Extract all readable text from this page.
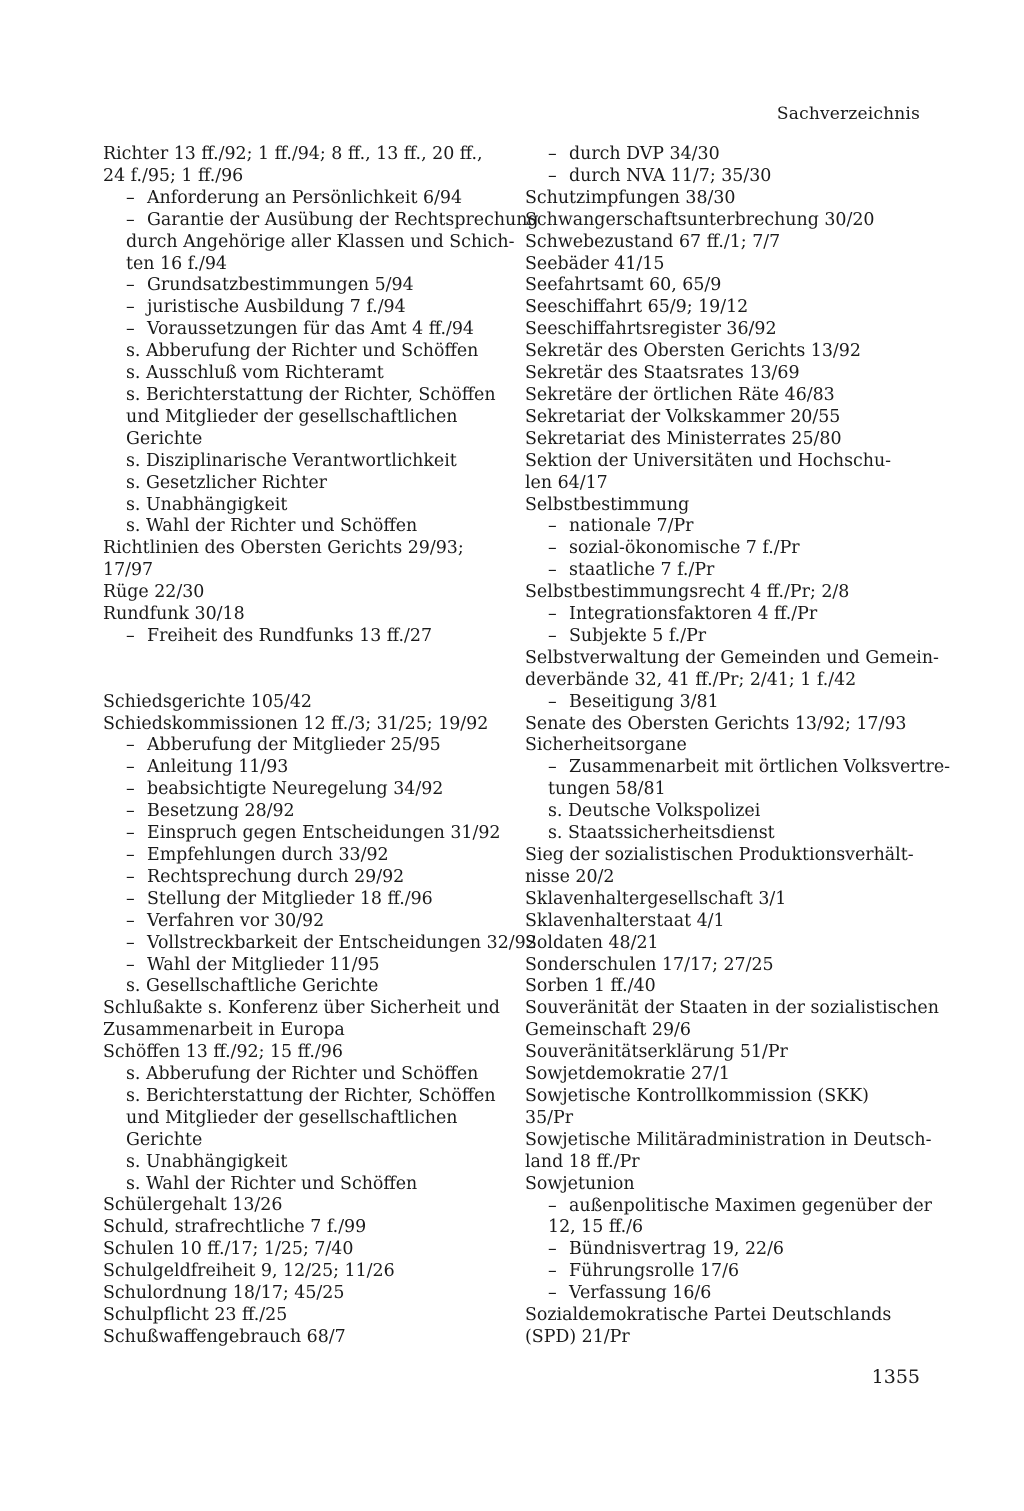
Sachverzeichnis
Richter 13 ff./92; 1 ff./94; 8 ff., 13 ff., 20 ff.,
24 f./95; 1 ff./96
– Anforderung an Persönlichkeit 6/94
– Garantie der Ausübung der Rechtsprechung
durch Angehörige aller Klassen und Schich-
ten 16 f./94
– Grundsatzbestimmungen 5/94
– juristische Ausbildung 7 f./94
– Voraussetzungen für das Amt 4 ff./94
s. Abberufung der Richter und Schöffen
s. Ausschluß vom Richteramt
s. Berichterstattung der Richter, Schöffen
und Mitglieder der gesellschaftlichen
Gerichte
s. Disziplinarische Verantwortlichkeit
s. Gesetzlicher Richter
s. Unabhängigkeit
s. Wahl der Richter und Schöffen
Richtlinien des Obersten Gerichts 29/93;
17/97
Rüge 22/30
Rundfunk 30/18
– Freiheit des Rundfunks 13 ff./27
Schiedsgerichte 105/42
Schiedskommissionen 12 ff./3; 31/25; 19/92
– Abberufung der Mitglieder 25/95
– Anleitung 11/93
– beabsichtigte Neuregelung 34/92
– Besetzung 28/92
– Einspruch gegen Entscheidungen 31/92
– Empfehlungen durch 33/92
– Rechtsprechung durch 29/92
– Stellung der Mitglieder 18 ff./96
– Verfahren vor 30/92
– Vollstreckbarkeit der Entscheidungen 32/92
– Wahl der Mitglieder 11/95
s. Gesellschaftliche Gerichte
Schlußakte s. Konferenz über Sicherheit und
Zusammenarbeit in Europa
Schöffen 13 ff./92; 15 ff./96
s. Abberufung der Richter und Schöffen
s. Berichterstattung der Richter, Schöffen
und Mitglieder der gesellschaftlichen
Gerichte
s. Unabhängigkeit
s. Wahl der Richter und Schöffen
Schülergehalt 13/26
Schuld, strafrechtliche 7 f./99
Schulen 10 ff./17; 1/25; 7/40
Schulgeldfreiheit 9, 12/25; 11/26
Schulordnung 18/17; 45/25
Schulpflicht 23 ff./25
Schußwaffengebrauch 68/7
– durch DVP 34/30
– durch NVA 11/7; 35/30
Schutzimpfungen 38/30
Schwangerschaftsunterbrechung 30/20
Schwebezustand 67 ff./1; 7/7
Seebäder 41/15
Seefahrtsamt 60, 65/9
Seeschiffahrt 65/9; 19/12
Seeschiffahrtsregister 36/92
Sekretär des Obersten Gerichts 13/92
Sekretär des Staatsrates 13/69
Sekretäre der örtlichen Räte 46/83
Sekretariat der Volkskammer 20/55
Sekretariat des Ministerrates 25/80
Sektion der Universitäten und Hochschu-
len 64/17
Selbstbestimmung
– nationale 7/Pr
– sozial-ökonomische 7 f./Pr
– staatliche 7 f./Pr
Selbstbestimmungsrecht 4 ff./Pr; 2/8
– Integrationsfaktoren 4 ff./Pr
– Subjekte 5 f./Pr
Selbstverwaltung der Gemeinden und Gemein-
deverbände 32, 41 ff./Pr; 2/41; 1 f./42
– Beseitigung 3/81
Senate des Obersten Gerichts 13/92; 17/93
Sicherheitsorgane
– Zusammenarbeit mit örtlichen Volksvertre-
tungen 58/81
s. Deutsche Volkspolizei
s. Staatssicherheitsdienst
Sieg der sozialistischen Produktionsverhält-
nisse 20/2
Sklavenhaltergesellschaft 3/1
Sklavenhalterstaat 4/1
Soldaten 48/21
Sonderschulen 17/17; 27/25
Sorben 1 ff./40
Souveränität der Staaten in der sozialistischen
Gemeinschaft 29/6
Souveränitätserklärung 51/Pr
Sowjetdemokratie 27/1
Sowjetische Kontrollkommission (SKK)
35/Pr
Sowjetische Militäradministration in Deutsch-
land 18 ff./Pr
Sowjetunion
– außenpolitische Maximen gegenüber der
12, 15 ff./6
– Bündnisvertrag 19, 22/6
– Führungsrolle 17/6
– Verfassung 16/6
Sozialdemokratische Partei Deutschlands
(SPD) 21/Pr
1355
